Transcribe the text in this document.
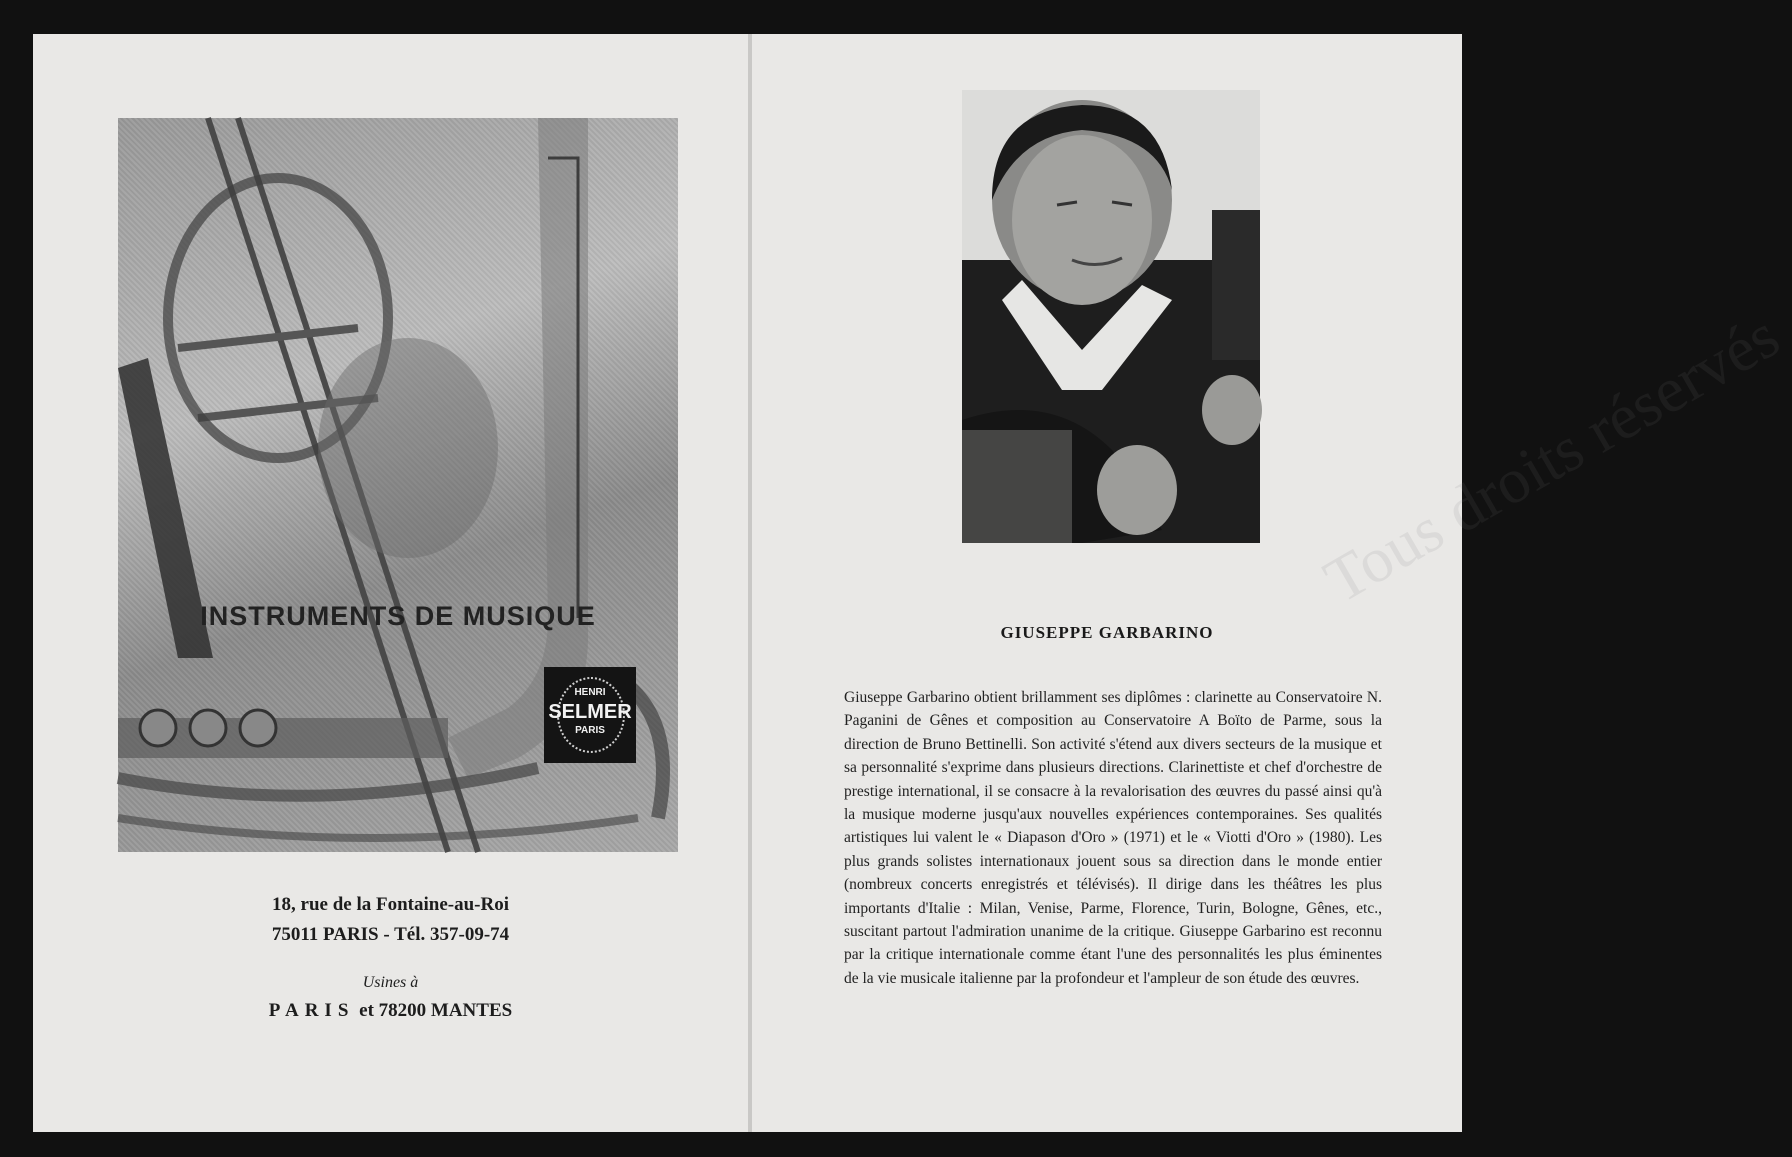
INSTRUMENTS DE MUSIQUE
HENRI
SELMER
PARIS
18, rue de la Fontaine-au-Roi
75011 PARIS - Tél. 357-09-74
Usines à
PARIS et 78200 MANTES
Tous droits réservés
GIUSEPPE GARBARINO
Giuseppe Garbarino obtient brillamment ses diplômes : clarinette au Conservatoire N. Paganini de Gênes et composition au Conservatoire A Boïto de Parme, sous la direction de Bruno Bettinelli. Son activité s'étend aux divers secteurs de la musique et sa personnalité s'exprime dans plusieurs directions. Clarinettiste et chef d'orchestre de prestige international, il se consacre à la revalorisation des œuvres du passé ainsi qu'à la musique moderne jusqu'aux nouvelles expériences contemporaines. Ses qualités artistiques lui valent le « Diapason d'Oro » (1971) et le « Viotti d'Oro » (1980). Les plus grands solistes internationaux jouent sous sa direction dans le monde entier (nombreux concerts enregistrés et télévisés). Il dirige dans les théâtres les plus importants d'Italie : Milan, Venise, Parme, Florence, Turin, Bologne, Gênes, etc., suscitant partout l'admiration unanime de la critique. Giuseppe Garbarino est reconnu par la critique internationale comme étant l'une des personnalités les plus éminentes de la vie musicale italienne par la profondeur et l'ampleur de son étude des œuvres.
